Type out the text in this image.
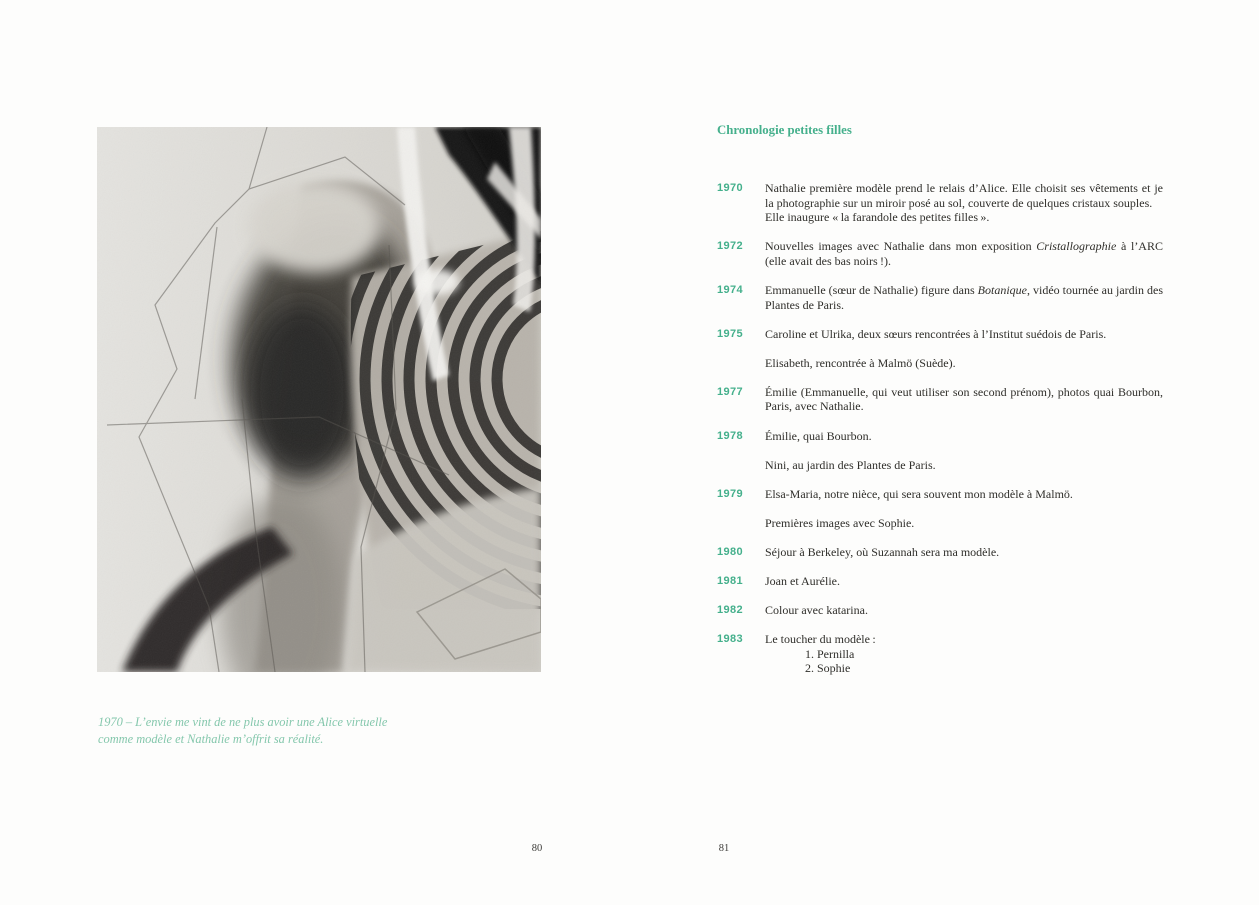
1970 – L’envie me vint de ne plus avoir une Alice virtuelle
comme modèle et Nathalie m’offrit sa réalité.

Chronologie petites filles
1970	Nathalie première modèle prend le relais d’Alice. Elle choisit ses vêtements et je la photographie sur un miroir posé au sol, couverte de quelques cristaux souples.
Elle inaugure « la farandole des petites filles ».
1972	Nouvelles images avec Nathalie dans mon exposition Cristallographie à l’ARC (elle avait des bas noirs !).
1974	Emmanuelle (sœur de Nathalie) figure dans Botanique, vidéo tournée au jardin des Plantes de Paris.
1975	Caroline et Ulrika, deux sœurs rencontrées à l’Institut suédois de Paris.
Elisabeth, rencontrée à Malmö (Suède).
1977	Émilie (Emmanuelle, qui veut utiliser son second prénom), photos quai Bourbon, Paris, avec Nathalie.
1978	Émilie, quai Bourbon.
Nini, au jardin des Plantes de Paris.
1979	Elsa-Maria, notre nièce, qui sera souvent mon modèle à Malmö.
Premières images avec Sophie.
1980	Séjour à Berkeley, où Suzannah sera ma modèle.
1981	Joan et Aurélie.
1982	Colour avec katarina.
1983	Le toucher du modèle :
1. Pernilla
2. Sophie
80	81
